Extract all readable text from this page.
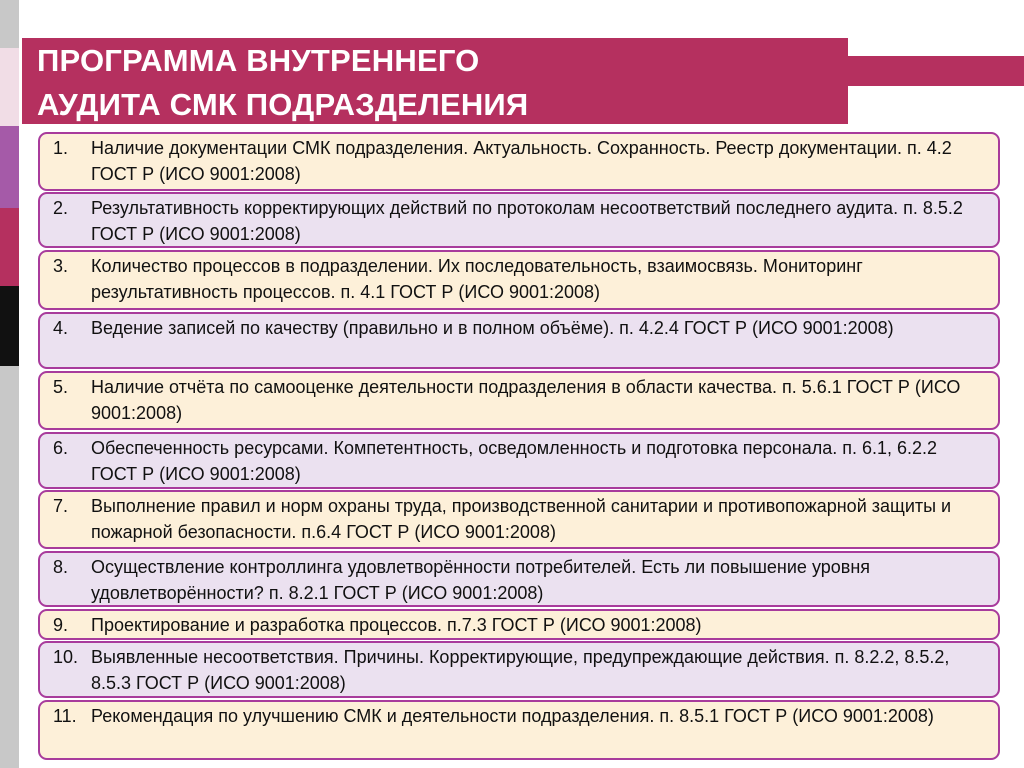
ПРОГРАММА ВНУТРЕННЕГО
АУДИТА СМК ПОДРАЗДЕЛЕНИЯ
1. Наличие документации СМК подразделения. Актуальность. Сохранность. Реестр документации. п. 4.2 ГОСТ Р (ИСО 9001:2008)
2. Результативность корректирующих действий по протоколам несоответствий последнего аудита. п. 8.5.2 ГОСТ Р (ИСО 9001:2008)
3. Количество процессов в подразделении. Их последовательность, взаимосвязь. Мониторинг результативность процессов. п. 4.1 ГОСТ Р (ИСО 9001:2008)
4. Ведение записей по качеству (правильно и в полном объёме). п. 4.2.4 ГОСТ Р (ИСО 9001:2008)
5. Наличие отчёта по самооценке деятельности подразделения в области качества. п. 5.6.1 ГОСТ Р (ИСО 9001:2008)
6. Обеспеченность ресурсами. Компетентность, осведомленность и подготовка персонала. п. 6.1, 6.2.2 ГОСТ Р (ИСО 9001:2008)
7. Выполнение правил и норм охраны труда, производственной санитарии и противопожарной защиты и пожарной безопасности. п.6.4 ГОСТ Р (ИСО 9001:2008)
8. Осуществление контроллинга удовлетворённости потребителей. Есть ли повышение уровня удовлетворённости? п. 8.2.1 ГОСТ Р (ИСО 9001:2008)
9. Проектирование и разработка процессов. п.7.3 ГОСТ Р (ИСО 9001:2008)
10. Выявленные несоответствия. Причины. Корректирующие, предупреждающие действия. п. 8.2.2, 8.5.2, 8.5.3 ГОСТ Р (ИСО 9001:2008)
11. Рекомендация по улучшению СМК и деятельности подразделения. п. 8.5.1 ГОСТ Р (ИСО 9001:2008)
